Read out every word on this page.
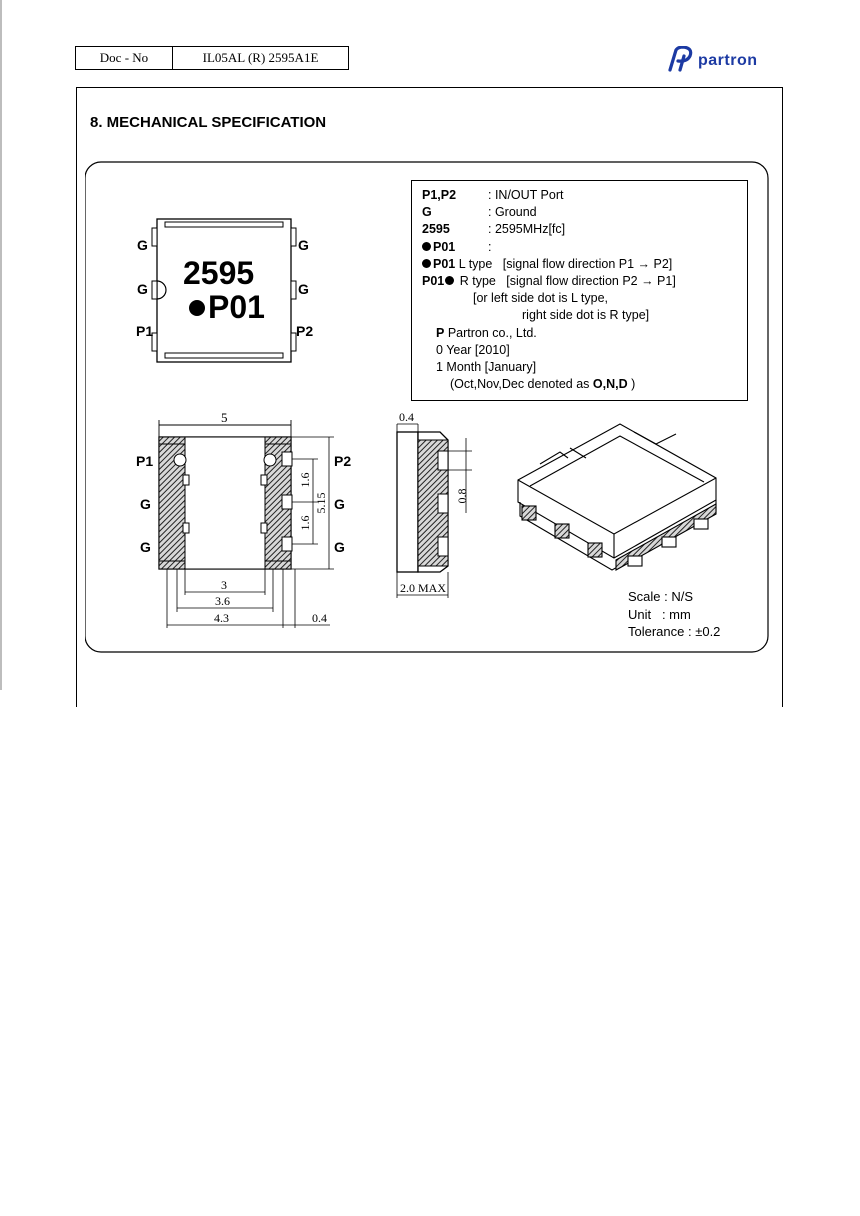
Doc - No	IL05AL (R) 2595A1E	partron
8. MECHANICAL SPECIFICATION
2595
P01
G
G
P1
G
G
P2
5
1.6
1.6
5.15
3
3.6
4.3	0.4
P1
G
G
P2
G
G
0.4
0.8
2.0 MAX
P1,P2	: IN/OUT Port
G	: Ground
2595	: 2595MHz[fc]
P01	:
P01 L type [signal flow direction P1 → P2]
P01 R type [signal flow direction P2 → P1]
[or left side dot is L type,
right side dot is R type]
P Partron co., Ltd.
0 Year [2010]
1 Month [January]
(Oct,Nov,Dec denoted as O,N,D )
Scale : N/S
Unit   : mm
Tolerance : ±0.2
